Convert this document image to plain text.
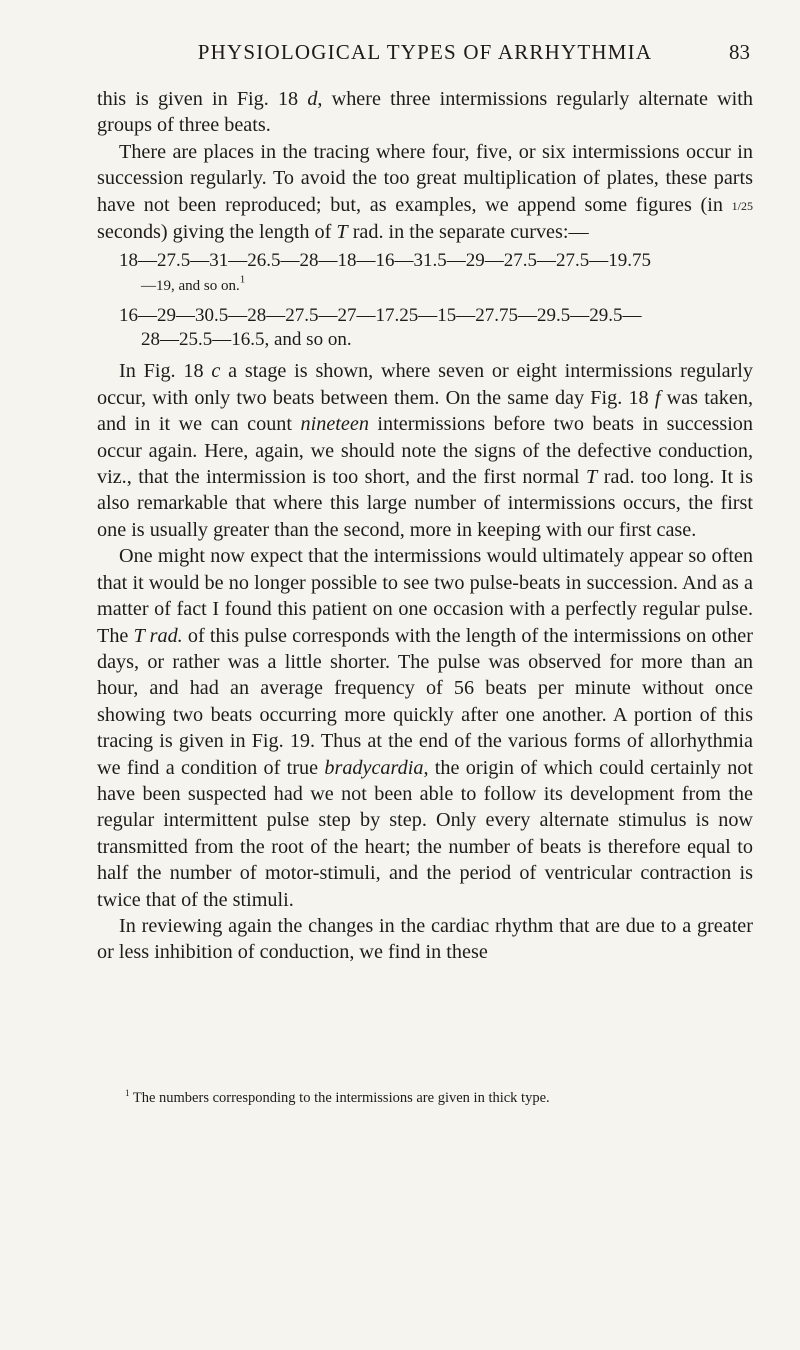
PHYSIOLOGICAL TYPES OF ARRHYTHMIA	83

this is given in Fig. 18 d, where three intermissions regularly alternate with groups of three beats.

There are places in the tracing where four, five, or six intermissions occur in succession regularly. To avoid the too great multiplication of plates, these parts have not been reproduced; but, as examples, we append some figures (in 1/25 seconds) giving the length of T rad. in the separate curves:—

18—27.5—31—26.5—28—18—16—31.5—29—27.5—27.5—19.75
—19, and so on.$^1$
16—29—30.5—28—27.5—27—17.25—15—27.75—29.5—29.5—
28—25.5—16.5, and so on.

In Fig. 18 c a stage is shown, where seven or eight intermissions regularly occur, with only two beats between them. On the same day Fig. 18 f was taken, and in it we can count nineteen intermissions before two beats in succession occur again. Here, again, we should note the signs of the defective conduction, viz., that the intermission is too short, and the first normal T rad. too long. It is also remarkable that where this large number of intermissions occurs, the first one is usually greater than the second, more in keeping with our first case.

One might now expect that the intermissions would ultimately appear so often that it would be no longer possible to see two pulse-beats in succession. And as a matter of fact I found this patient on one occasion with a perfectly regular pulse. The T rad. of this pulse corresponds with the length of the intermissions on other days, or rather was a little shorter. The pulse was observed for more than an hour, and had an average frequency of 56 beats per minute without once showing two beats occurring more quickly after one another. A portion of this tracing is given in Fig. 19. Thus at the end of the various forms of allorhythmia we find a condition of true bradycardia, the origin of which could certainly not have been suspected had we not been able to follow its development from the regular intermittent pulse step by step. Only every alternate stimulus is now transmitted from the root of the heart; the number of beats is therefore equal to half the number of motor-stimuli, and the period of ventricular contraction is twice that of the stimuli.

In reviewing again the changes in the cardiac rhythm that are due to a greater or less inhibition of conduction, we find in these

$^1$ The numbers corresponding to the intermissions are given in thick type.
